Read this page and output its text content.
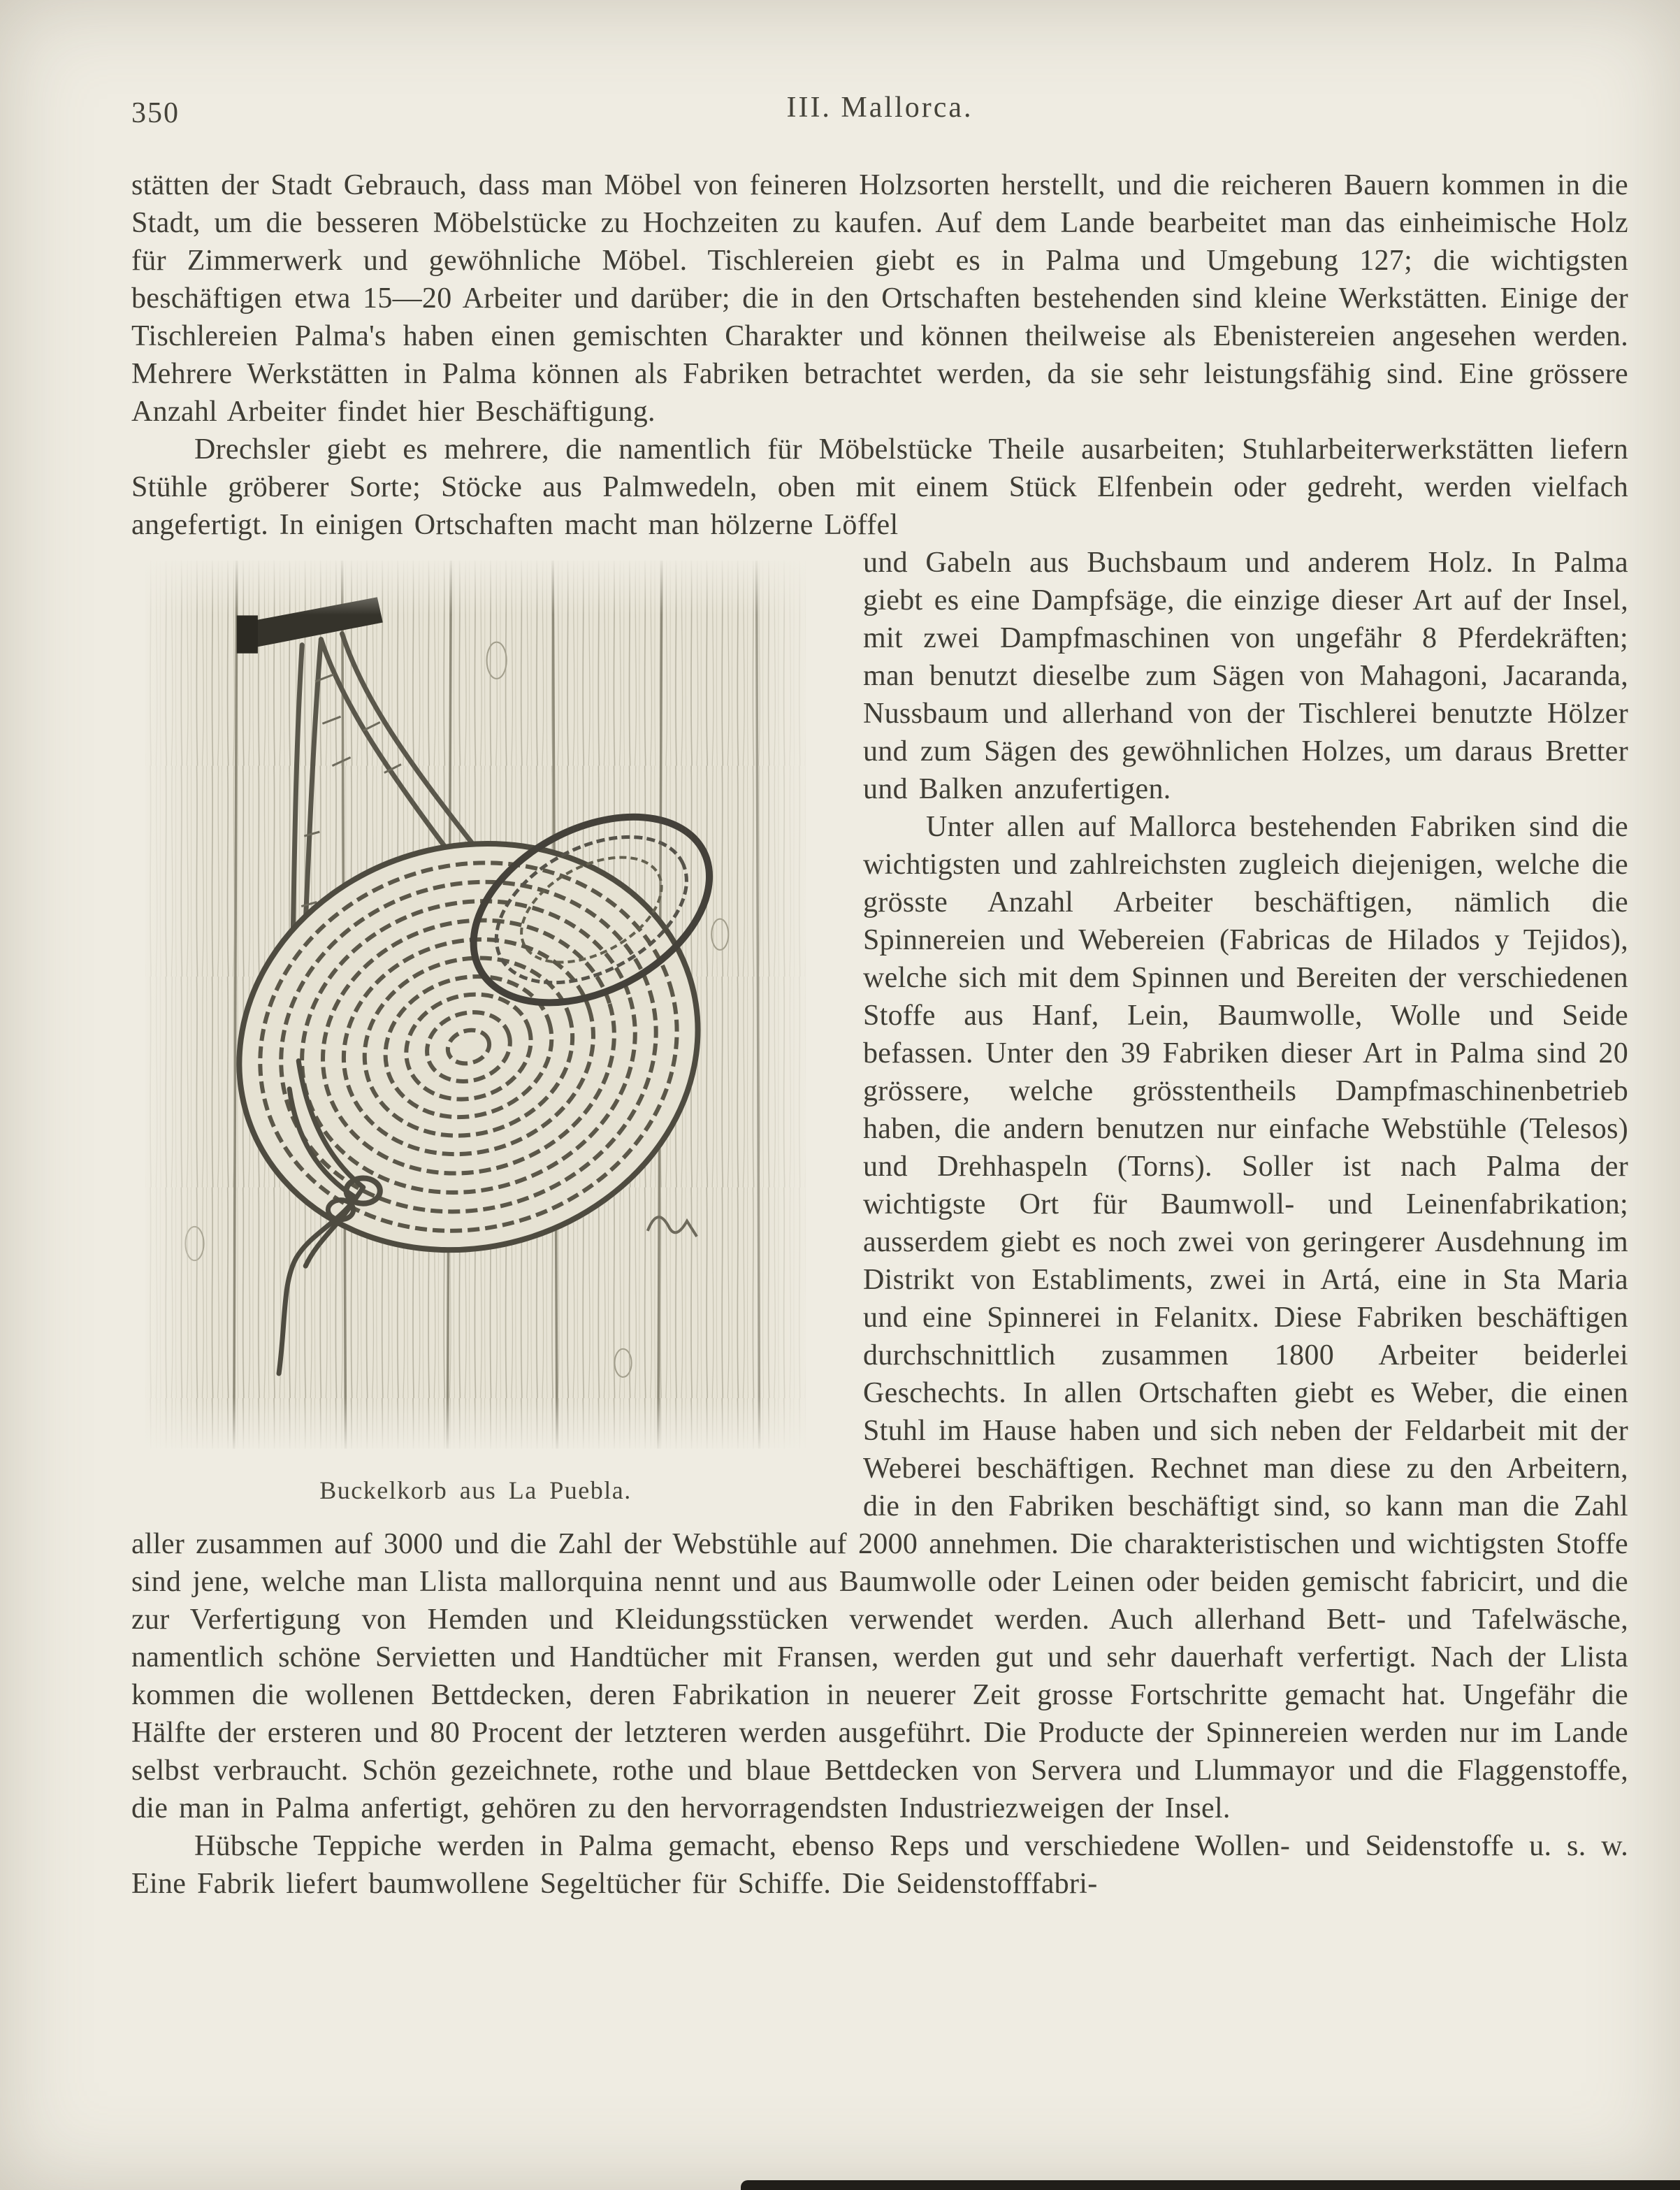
350	III. Mallorca.

stätten der Stadt Gebrauch, dass man Möbel von feineren Holzsorten herstellt, und die reicheren Bauern kommen in die Stadt, um die besseren Möbelstücke zu Hochzeiten zu kaufen. Auf dem Lande bearbeitet man das einheimische Holz für Zimmerwerk und gewöhnliche Möbel. Tischlereien giebt es in Palma und Umgebung 127; die wichtigsten beschäftigen etwa 15—20 Arbeiter und darüber; die in den Ortschaften bestehenden sind kleine Werkstätten. Einige der Tischlereien Palma's haben einen gemischten Charakter und können theilweise als Ebenistereien angesehen werden. Mehrere Werkstätten in Palma können als Fabriken betrachtet werden, da sie sehr leistungsfähig sind. Eine grössere Anzahl Arbeiter findet hier Beschäftigung.

Drechsler giebt es mehrere, die namentlich für Möbelstücke Theile ausarbeiten; Stuhlarbeiterwerkstätten liefern Stühle gröberer Sorte; Stöcke aus Palmwedeln, oben mit einem Stück Elfenbein oder gedreht, werden vielfach angefertigt. In einigen Ortschaften macht man hölzerne Löffel

Buckelkorb aus La Puebla.

und Gabeln aus Buchsbaum und anderem Holz. In Palma giebt es eine Dampfsäge, die einzige dieser Art auf der Insel, mit zwei Dampfmaschinen von ungefähr 8 Pferdekräften; man benutzt dieselbe zum Sägen von Mahagoni, Jacaranda, Nussbaum und allerhand von der Tischlerei benutzte Hölzer und zum Sägen des gewöhnlichen Holzes, um daraus Bretter und Balken anzufertigen.

Unter allen auf Mallorca bestehenden Fabriken sind die wichtigsten und zahlreichsten zugleich diejenigen, welche die grösste Anzahl Arbeiter beschäftigen, nämlich die Spinnereien und Webereien (Fabricas de Hilados y Tejidos), welche sich mit dem Spinnen und Bereiten der verschiedenen Stoffe aus Hanf, Lein, Baumwolle, Wolle und Seide befassen. Unter den 39 Fabriken dieser Art in Palma sind 20 grössere, welche grösstentheils Dampfmaschinenbetrieb haben, die andern benutzen nur einfache Webstühle (Telesos) und Drehhaspeln (Torns). Soller ist nach Palma der wichtigste Ort für Baumwoll- und Leinenfabrikation; ausserdem giebt es noch zwei von geringerer Ausdehnung im Distrikt von Establiments, zwei in Artá, eine in Sta Maria und eine Spinnerei in Felanitx. Diese Fabriken beschäftigen durchschnittlich zusammen 1800 Arbeiter beiderlei Geschechts. In allen Ortschaften giebt es Weber, die einen Stuhl im Hause haben und sich neben der Feldarbeit mit der Weberei beschäftigen. Rechnet man diese zu den Arbeitern, die in den Fabriken beschäftigt sind, so kann man die Zahl aller zusammen auf 3000 und die Zahl der Webstühle auf 2000 annehmen. Die charakteristischen und wichtigsten Stoffe sind jene, welche man Llista mallorquina nennt und aus Baumwolle oder Leinen oder beiden gemischt fabricirt, und die zur Verfertigung von Hemden und Kleidungsstücken verwendet werden. Auch allerhand Bett- und Tafelwäsche, namentlich schöne Servietten und Handtücher mit Fransen, werden gut und sehr dauerhaft verfertigt. Nach der Llista kommen die wollenen Bettdecken, deren Fabrikation in neuerer Zeit grosse Fortschritte gemacht hat. Ungefähr die Hälfte der ersteren und 80 Procent der letzteren werden ausgeführt. Die Producte der Spinnereien werden nur im Lande selbst verbraucht. Schön gezeichnete, rothe und blaue Bettdecken von Servera und Llummayor und die Flaggenstoffe, die man in Palma anfertigt, gehören zu den hervorragendsten Industriezweigen der Insel.

Hübsche Teppiche werden in Palma gemacht, ebenso Reps und verschiedene Wollen- und Seidenstoffe u. s. w. Eine Fabrik liefert baumwollene Segeltücher für Schiffe. Die Seidenstofffabri-
